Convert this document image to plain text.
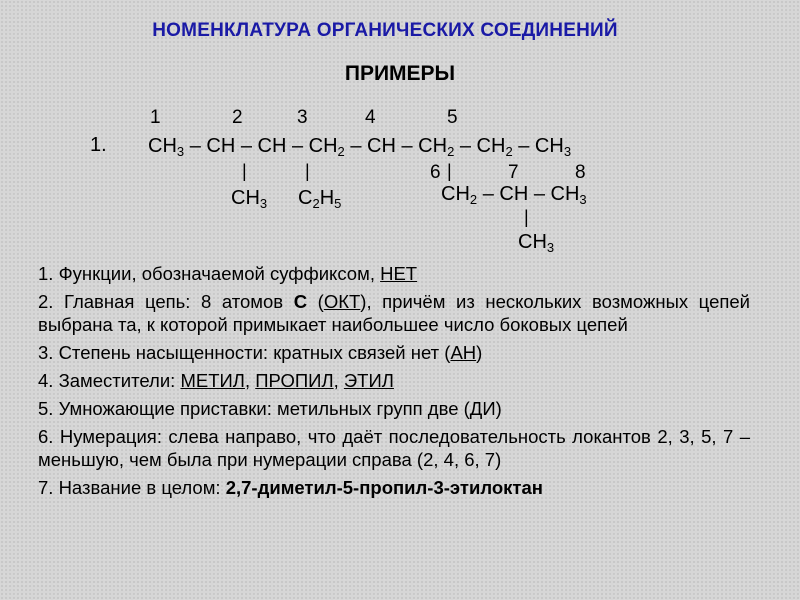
НОМЕНКЛАТУРА ОРГАНИЧЕСКИХ СОЕДИНЕНИЙ
ПРИМЕРЫ
1.
1	2	3	4	5
$CH_3$ – CH – CH – $CH_2$ – CH – $CH_2 - CH_2 - CH_3$
|	|	6 |	7	8
$CH_3$ $C_2H_5$	$CH_2$ – CH – $CH_3$
|
$CH_3$

1. Функции, обозначаемой суффиксом, НЕТ

2. Главная цепь: 8 атомов С (ОКТ), причём из нескольких возможных цепей выбрана та, к которой примыкает наибольшее число боковых цепей

3. Степень насыщенности: кратных связей нет (АН)

4. Заместители: МЕТИЛ, ПРОПИЛ, ЭТИЛ

5. Умножающие приставки: метильных групп две (ДИ)

6. Нумерация: слева направо, что даёт последовательность локантов 2, 3, 5, 7 – меньшую, чем была при нумерации справа (2, 4, 6, 7)

7. Название в целом: 2,7-диметил-5-пропил-3-этилоктан
